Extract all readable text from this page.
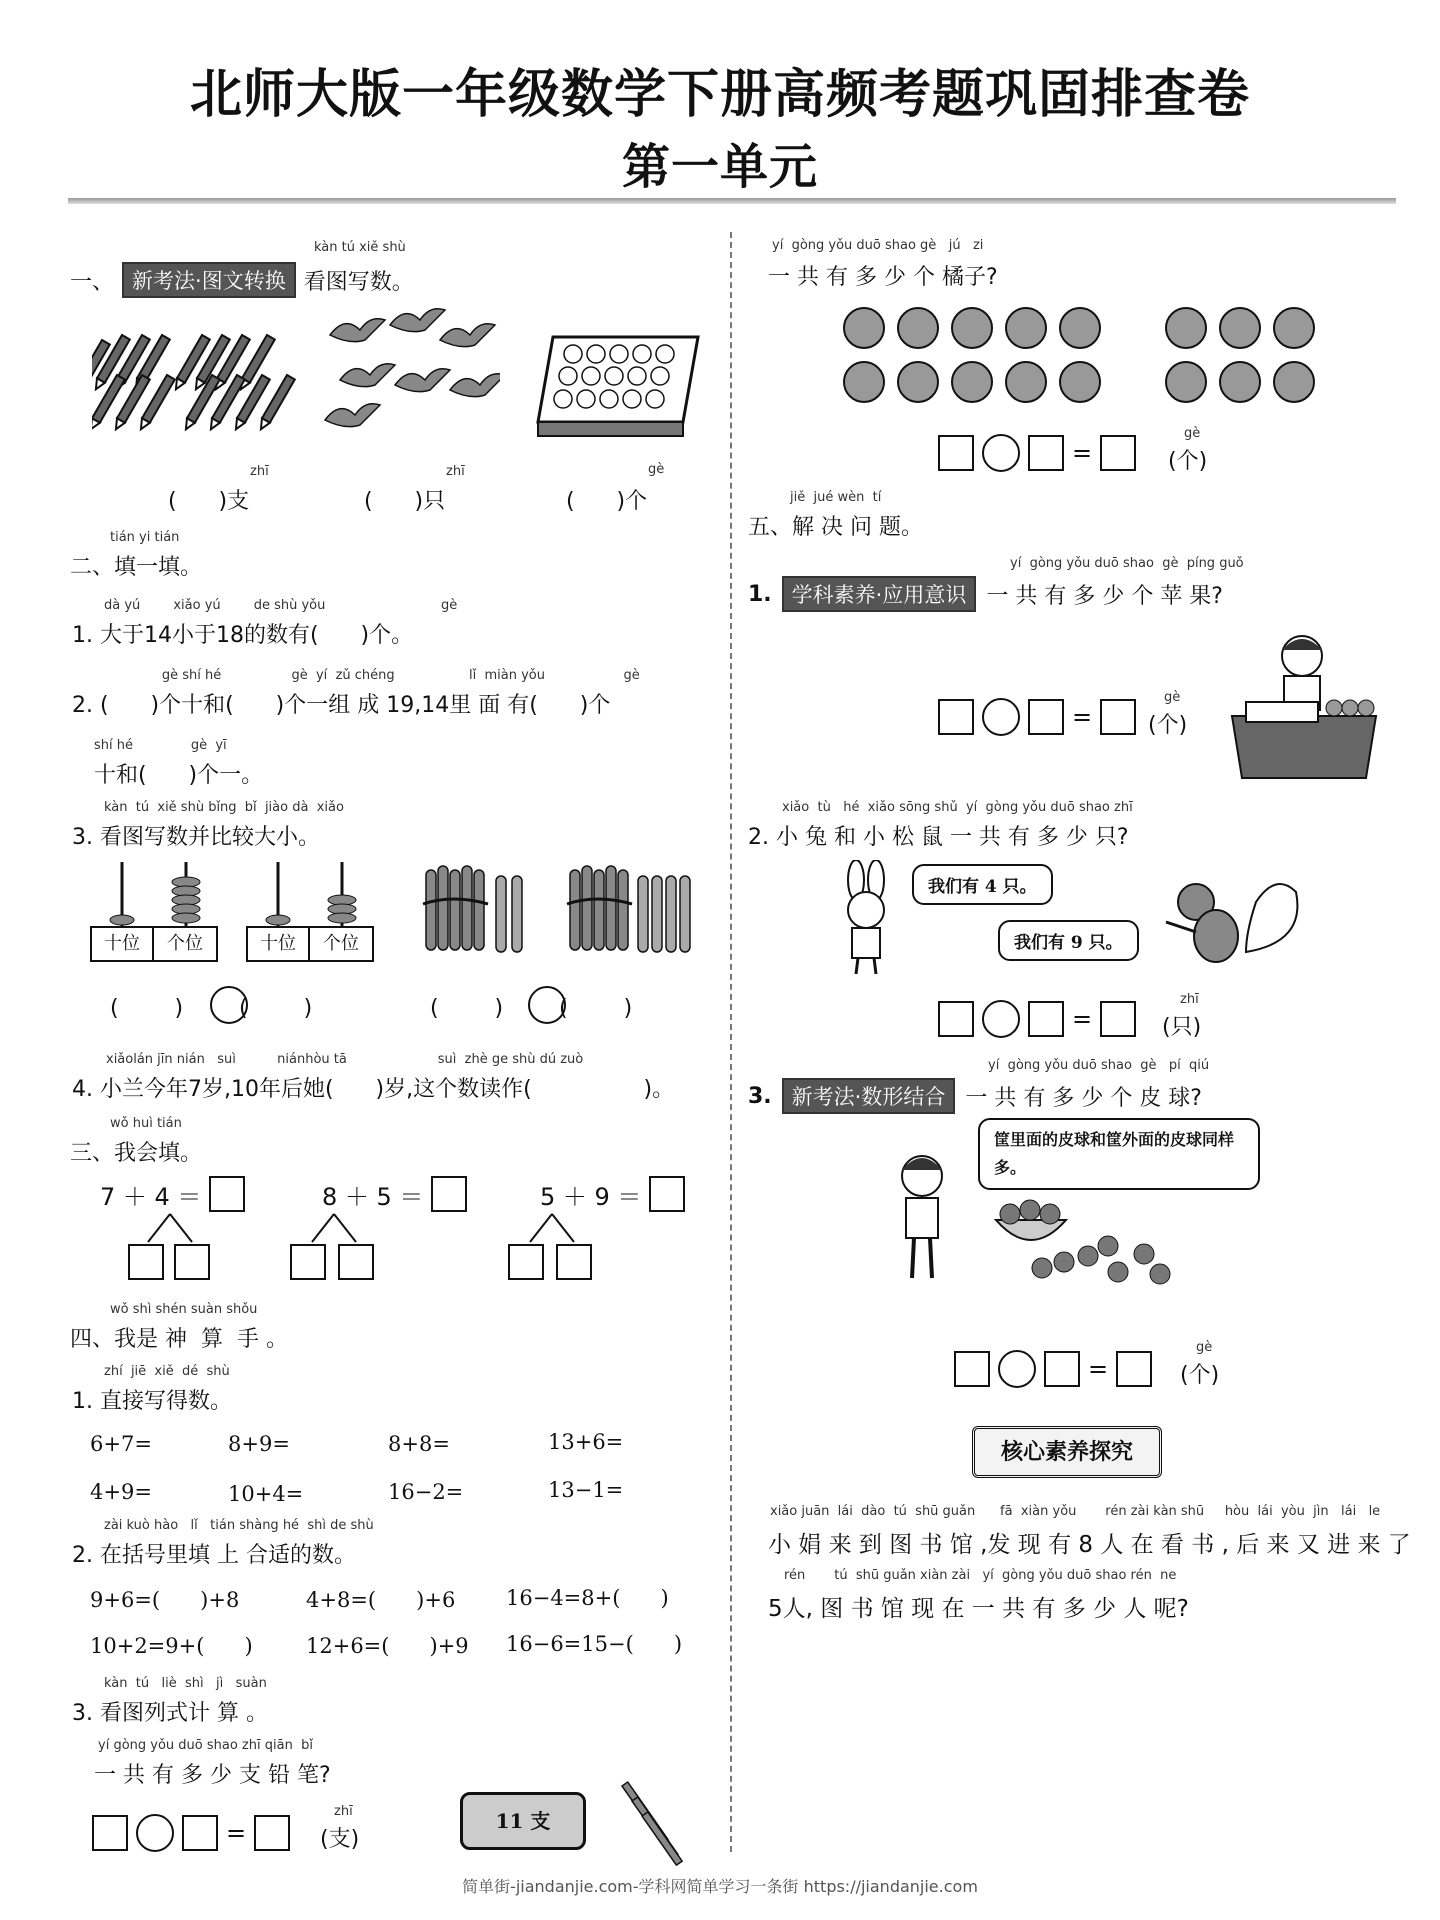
北师大版一年级数学下册高频考题巩固排查卷
第一单元
kàn tú xiě shù
一、 新考法·图文转换 看图写数。
zhī
(      )支
zhī
(      )只
gè
(      )个
tián yi tián
二、填一填。
dà yú        xiǎo yú        de shù yǒu                            gè
1. 大于14小于18的数有(      )个。
gè shí hé                 gè  yí  zǔ chéng                  lǐ  miàn yǒu                   gè
2. (      )个十和(      )个一组 成 19,14里 面 有(      )个
shí hé              gè  yī
十和(      )个一。
kàn  tú  xiě shù bǐng  bǐ  jiào dà  xiǎo
3. 看图写数并比较大小。
十位	个位	十位	个位
(        )        (        )	(        )        (        )
xiǎolán jīn nián   suì          niánhòu tā                      suì  zhè ge shù dú zuò
4. 小兰今年7岁,10年后她(      )岁,这个数读作(                )。
wǒ huì tián
三、我会填。
7 ＋ 4 ＝	8 ＋ 5 ＝	5 ＋ 9 ＝
wǒ shì shén suàn shǒu
四、我是 神  算  手 。
zhí  jiē  xiě  dé  shù
1. 直接写得数。
6+7=	8+9=	8+8=	13+6=
4+9=	10+4=	16−2=	13−1=
zài kuò hào   lǐ   tián shàng hé  shì de shù
2. 在括号里填 上 合适的数。
9+6=(      )+8	4+8=(      )+6 16−4=8+(      )
10+2=9+(      )	12+6=(      )+9 16−6=15−(      )
kàn  tú   liè  shì   jì   suàn
3. 看图列式计 算 。
yí gòng yǒu duō shao zhī qiān  bǐ
一 共 有 多 少 支 铅 笔?
=
zhī
(支)
11 支
yí  gòng yǒu duō shao gè   jú   zi
一 共 有 多 少 个 橘子?
=
gè
(个)
jiě  jué wèn  tí
五、解 决 问 题。
yí  gòng yǒu duō shao  gè  píng guǒ
1. 学科素养·应用意识 一 共 有 多 少 个 苹 果?
=
gè
(个)
xiǎo  tù   hé  xiǎo sōng shǔ  yí  gòng yǒu duō shao zhī
2. 小 兔 和 小 松 鼠 一 共 有 多 少 只?
我们有 4 只。
我们有 9 只。
=
zhī
(只)
yí  gòng yǒu duō shao  gè   pí  qiú
3. 新考法·数形结合 一 共 有 多 少 个 皮 球?
筐里面的皮球和筐外面的皮球同样多。
=
gè
(个)
核心素养探究
xiǎo juān  lái  dào  tú  shū guǎn      fā  xiàn yǒu       rén zài kàn shū     hòu  lái  yòu  jìn   lái   le
小 娟 来 到 图 书 馆 ,发 现 有 8 人 在 看 书 , 后 来 又 进 来 了
rén       tú  shū guǎn xiàn zài   yí  gòng yǒu duō shao rén  ne
5人, 图 书 馆 现 在 一 共 有 多 少 人 呢?
简单街-jiandanjie.com-学科网简单学习一条街 https://jiandanjie.com
